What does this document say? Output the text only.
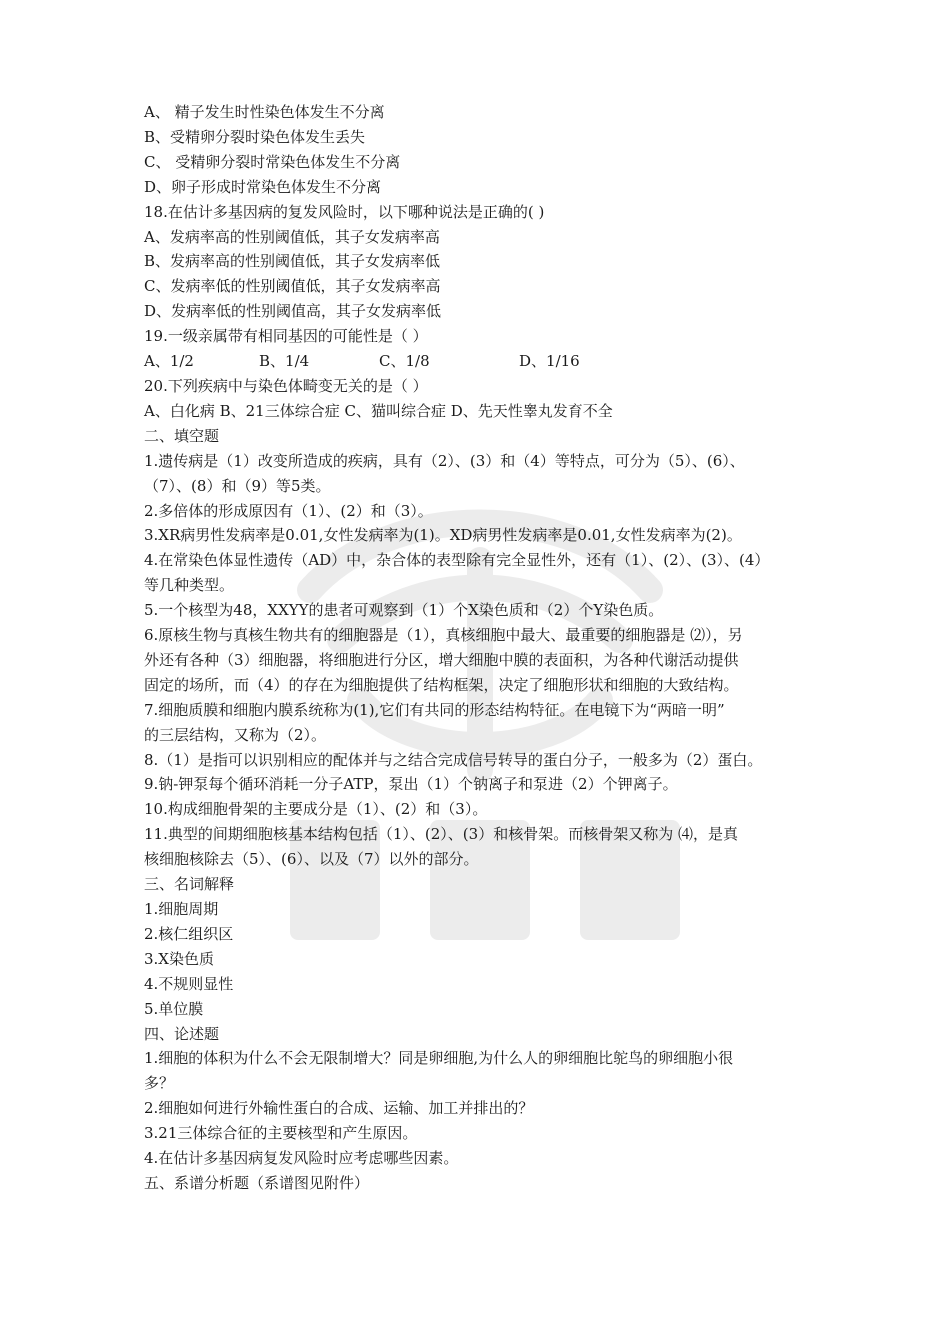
A、 精子发生时性染色体发生不分离

B、受精卵分裂时染色体发生丢失

C、 受精卵分裂时常染色体发生不分离

D、卵子形成时常染色体发生不分离

18.在估计多基因病的复发风险时，以下哪种说法是正确的( )

A、发病率高的性别阈值低，其子女发病率高

B、发病率高的性别阈值低，其子女发病率低

C、发病率低的性别阈值低，其子女发病率高

D、发病率低的性别阈值高，其子女发病率低

19.一级亲属带有相同基因的可能性是（ ）

A、1/2	B、1/4	C、1/8	D、1/16

20.下列疾病中与染色体畸变无关的是（ ）

A、白化病 B、21三体综合症 C、猫叫综合症 D、先天性睾丸发育不全

二、填空题

1.遗传病是（1）改变所造成的疾病，具有（2）、(3）和（4）等特点，可分为（5）、(6）、

（7）、(8）和（9）等5类。

2.多倍体的形成原因有（1）、(2）和（3）。

3.XR病男性发病率是0.01,女性发病率为(1)。XD病男性发病率是0.01,女性发病率为(2)。

4.在常染色体显性遗传（AD）中，杂合体的表型除有完全显性外，还有（1）、(2）、(3）、(4）

等几种类型。

5.一个核型为48，XXYY的患者可观察到（1）个X染色质和（2）个Y染色质。

6.原核生物与真核生物共有的细胞器是（1），真核细胞中最大、最重要的细胞器是 ⑵），另

外还有各种（3）细胞器，将细胞进行分区，增大细胞中膜的表面积，为各种代谢活动提供

固定的场所，而（4）的存在为细胞提供了结构框架，决定了细胞形状和细胞的大致结构。

7.细胞质膜和细胞内膜系统称为(1),它们有共同的形态结构特征。在电镜下为“两暗一明”

的三层结构，又称为（2）。

8.（1）是指可以识别相应的配体并与之结合完成信号转导的蛋白分子，一般多为（2）蛋白。

9.钠-钾泵每个循环消耗一分子ATP，泵出（1）个钠离子和泵进（2）个钾离子。

10.构成细胞骨架的主要成分是（1）、(2）和（3）。

11.典型的间期细胞核基本结构包括（1）、(2）、(3）和核骨架。而核骨架又称为 ⑷，是真

核细胞核除去（5）、(6）、以及（7）以外的部分。

三、名词解释

1.细胞周期

2.核仁组织区

3.X染色质

4.不规则显性

5.单位膜

四、论述题

1.细胞的体积为什么不会无限制增大？同是卵细胞,为什么人的卵细胞比鸵鸟的卵细胞小很

多？

2.细胞如何进行外输性蛋白的合成、运输、加工并排出的？

3.21三体综合征的主要核型和产生原因。

4.在估计多基因病复发风险时应考虑哪些因素。

五、系谱分析题（系谱图见附件）
